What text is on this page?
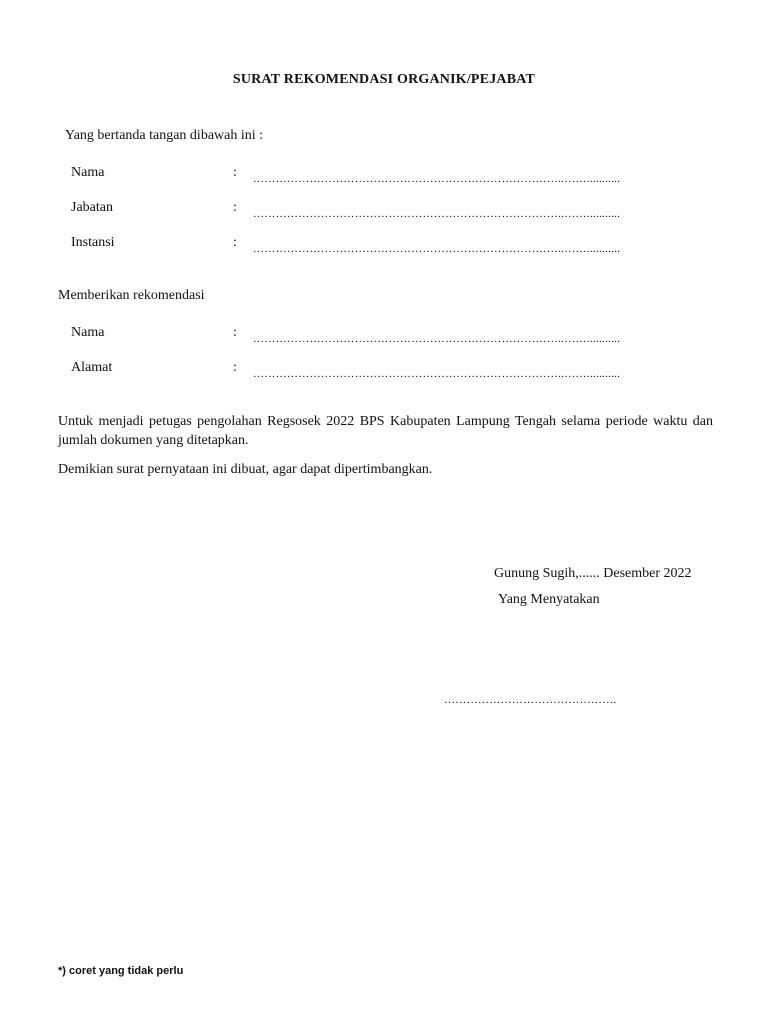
SURAT REKOMENDASI ORGANIK/PEJABAT
Yang bertanda tangan dibawah ini :
Nama	: ………………………………………………………………………..……...........
Jabatan	: ………………………………………………………………………..……...........
Instansi	: ………………………………………………………………………..……...........
Memberikan rekomendasi
Nama	: ………………………………………………………………………..……...........
Alamat	: ………………………………………………………………………..……...........
Untuk menjadi petugas pengolahan Regsosek 2022 BPS Kabupaten Lampung Tengah selama periode waktu dan jumlah dokumen yang ditetapkan.
Demikian surat pernyataan ini dibuat, agar dapat dipertimbangkan.
Gunung Sugih,...... Desember 2022
Yang Menyatakan
……………………………………….
*) coret yang tidak perlu
